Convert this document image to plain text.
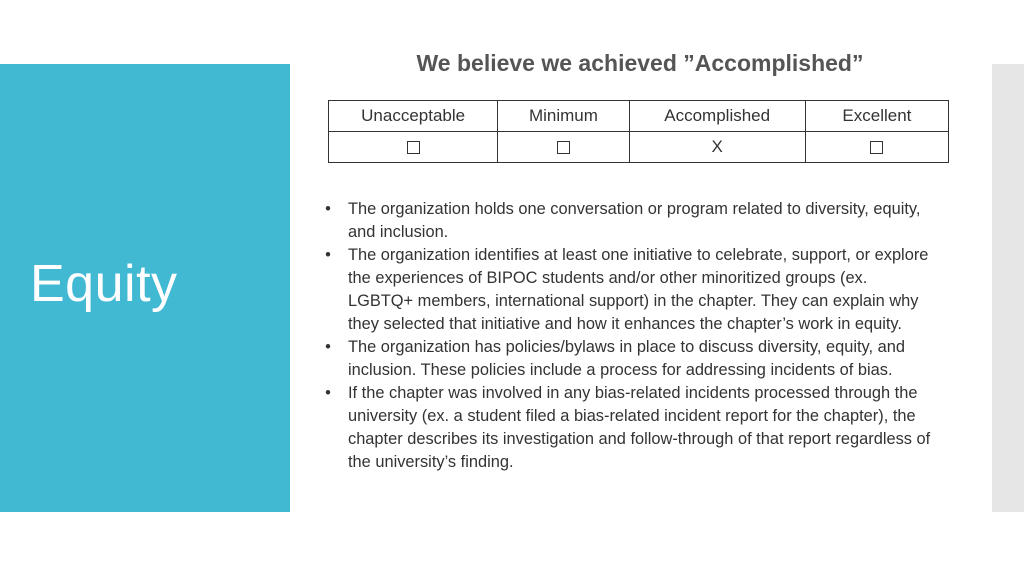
Equity
We believe we achieved ”Accomplished”
Unacceptable	Minimum	Accomplished	Excellent
		X	
• The organization holds one conversation or program related to diversity, equity, and inclusion.
• The organization identifies at least one initiative to celebrate, support, or explore the experiences of BIPOC students and/or other minoritized groups (ex. LGBTQ+ members, international support) in the chapter. They can explain why they selected that initiative and how it enhances the chapter’s work in equity.
• The organization has policies/bylaws in place to discuss diversity, equity, and inclusion. These policies include a process for addressing incidents of bias.
• If the chapter was involved in any bias-related incidents processed through the university (ex. a student filed a bias-related incident report for the chapter), the chapter describes its investigation and follow-through of that report regardless of the university’s finding.
